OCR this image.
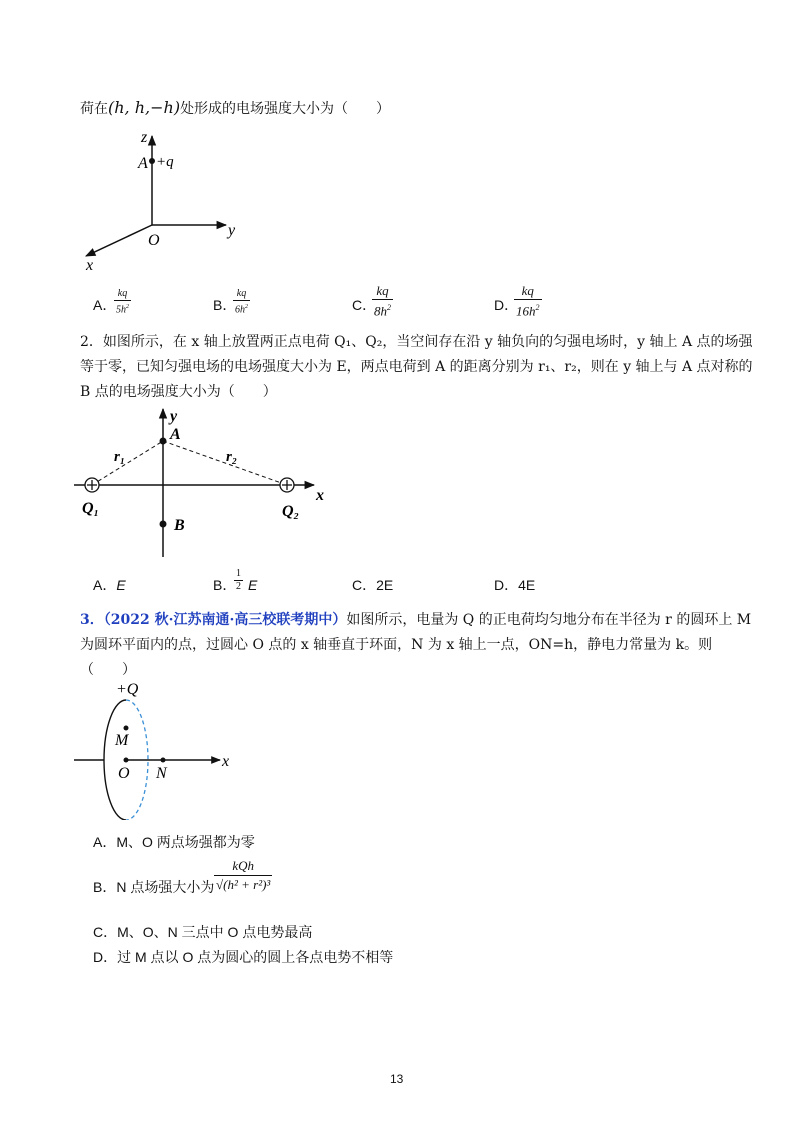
荷在(h, h,−h)处形成的电场强度大小为（　　）
z
A +q
O
y
x
A．
$\frac{kq}{5h^2}$	B．
$\frac{kq}{6h^2}$	C．
$\frac{kq}{8h^2}$	D．
$\frac{kq}{16h^2}$
2．如图所示，在 x 轴上放置两正点电荷 Q₁、Q₂，当空间存在沿 y 轴负向的匀强电场时，y 轴上 A 点的场强
等于零，已知匀强电场的电场强度大小为 E，两点电荷到 A 的距离分别为 r₁、r₂，则在 y 轴上与 A 点对称的
B 点的电场强度大小为（　　）
y
A
r₁	r₂
Q₁	Q₂
B
x
A．E	B．
$\frac{1}{2}$ E	C．2E	D．4E
3．（2022 秋·江苏南通·高三校联考期中）如图所示，电量为 Q 的正电荷均匀地分布在半径为 r 的圆环上 M
为圆环平面内的点，过圆心 O 点的 x 轴垂直于环面，N 为 x 轴上一点，ON=h，静电力常量为 k。则
（　　）
+Q
M
O N
x
A．M、O 两点场强都为零
B．N 点场强大小为
kQh
√(h² + r²)³
C．M、O、N 三点中 O 点电势最高
D．过 M 点以 O 点为圆心的圆上各点电势不相等
13
